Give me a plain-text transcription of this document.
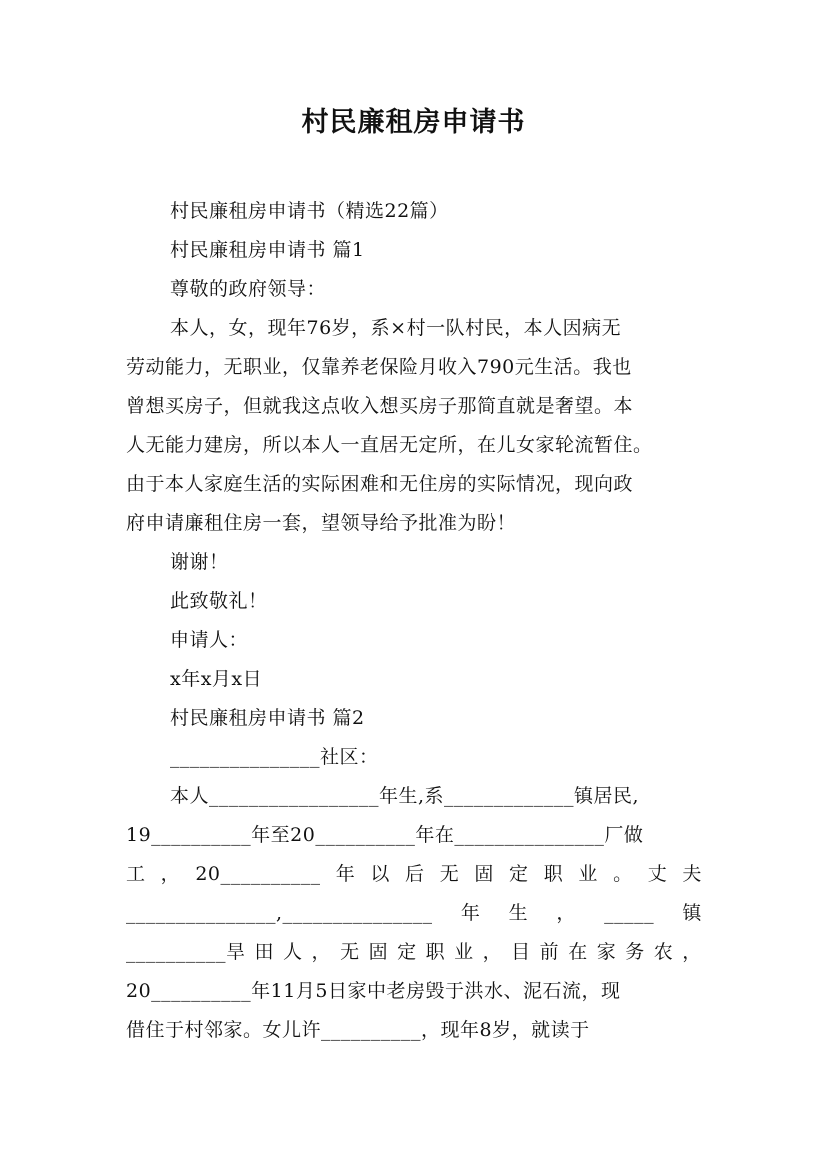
村民廉租房申请书
村民廉租房申请书（精选22篇）
村民廉租房申请书 篇1
尊敬的政府领导：
本人，女，现年76岁，系×村一队村民，本人因病无
劳动能力，无职业，仅靠养老保险月收入790元生活。我也
曾想买房子，但就我这点收入想买房子那简直就是奢望。本
人无能力建房，所以本人一直居无定所，在儿女家轮流暂住。
由于本人家庭生活的实际困难和无住房的实际情况，现向政
府申请廉租住房一套，望领导给予批准为盼！
谢谢！
此致敬礼！
申请人：
x年x月x日
村民廉租房申请书 篇2
_______________社区：
本人_________________年生,系_____________镇居民,
19__________年至20__________年在_______________厂做
工 ， 20__________ 年 以 后 无 固 定 职 业 。 丈 夫
_______________,_______________ 年 生 ， _____ 镇
__________旱 田 人 ， 无 固 定 职 业 ， 目 前 在 家 务 农 ，
20__________年11月5日家中老房毁于洪水、泥石流，现
借住于村邻家。女儿许__________，现年8岁，就读于
